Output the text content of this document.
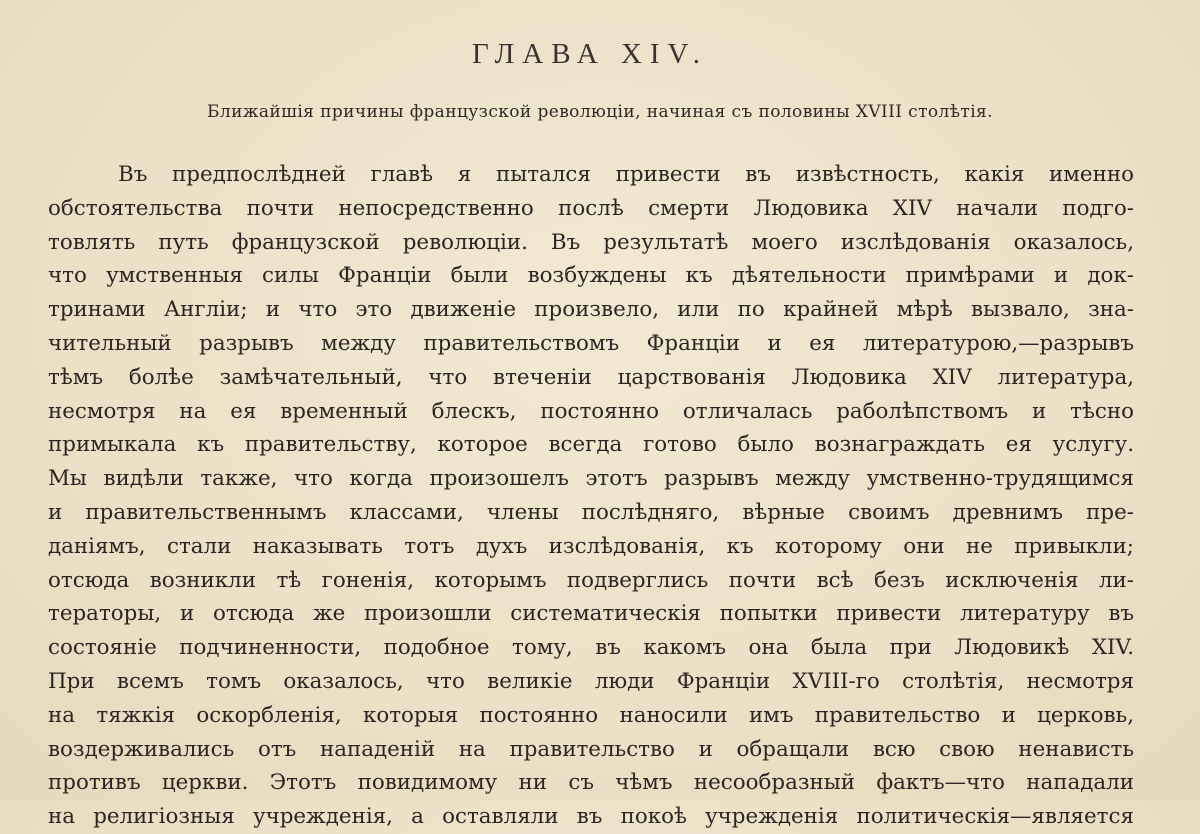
ГЛАВА XIV.
Ближайшія причины французской революціи, начиная съ половины XVIII столѣтія.
Въ предпослѣдней главѣ я пытался привести въ извѣстность, какія именно
обстоятельства почти непосредственно послѣ смерти Людовика XIV начали подго-
товлять путь французской революціи. Въ результатѣ моего изслѣдованія оказалось,
что умственныя силы Франціи были возбуждены къ дѣятельности примѣрами и док-
тринами Англіи; и что это движеніе произвело, или по крайней мѣрѣ вызвало, зна-
чительный разрывъ между правительствомъ Франціи и ея литературою,—разрывъ
тѣмъ болѣе замѣчательный, что втеченіи царствованія Людовика XIV литература,
несмотря на ея временный блескъ, постоянно отличалась раболѣпствомъ и тѣсно
примыкала къ правительству, которое всегда готово было вознаграждать ея услугу.
Мы видѣли также, что когда произошелъ этотъ разрывъ между умственно-трудящимся
и правительственнымъ классами, члены послѣдняго, вѣрные своимъ древнимъ пре-
даніямъ, стали наказывать тотъ духъ изслѣдованія, къ которому они не привыкли;
отсюда возникли тѣ гоненія, которымъ подверглись почти всѣ безъ исключенія ли-
тераторы, и отсюда же произошли систематическія попытки привести литературу въ
состояніе подчиненности, подобное тому, въ какомъ она была при Людовикѣ XIV.
При всемъ томъ оказалось, что великіе люди Франціи XVIII-го столѣтія, несмотря
на тяжкія оскорбленія, которыя постоянно наносили имъ правительство и церковь,
воздерживались отъ нападеній на правительство и обращали всю свою ненависть
противъ церкви. Этотъ повидимому ни съ чѣмъ несообразный фактъ—что нападали
на религіозныя учрежденія, а оставляли въ покоѣ учрежденія политическія—является
